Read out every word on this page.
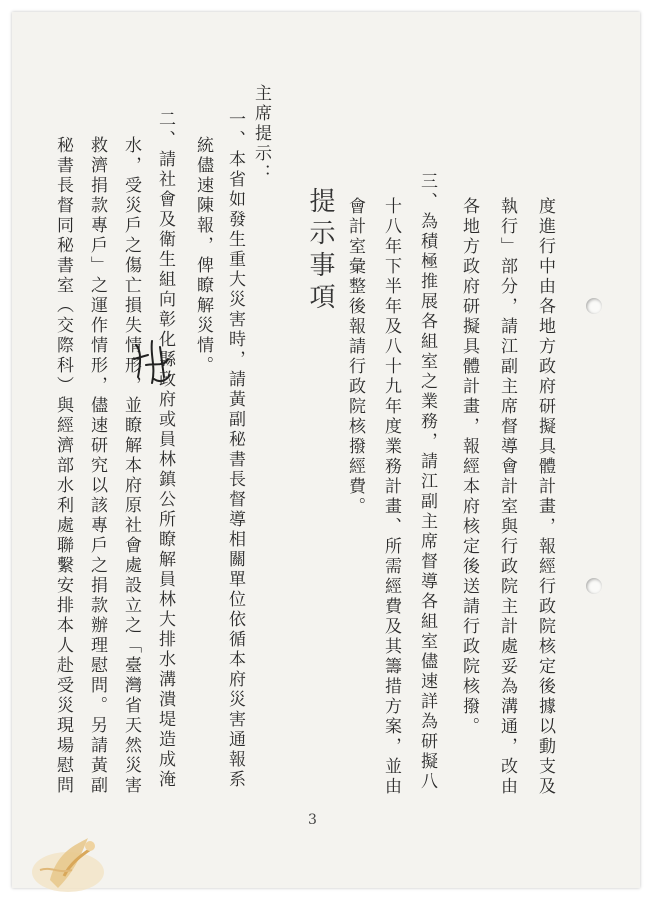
度進行中由各地方政府研擬具體計畫，報經行政院核定後據以動支及
執行」部分，請江副主席督導會計室與行政院主計處妥為溝通，改由
各地方政府研擬具體計畫，報經本府核定後送請行政院核撥。
三、為積極推展各組室之業務，請江副主席督導各組室儘速詳為研擬八
十八年下半年及八十九年度業務計畫、所需經費及其籌措方案，並由
會計室彙整後報請行政院核撥經費。
提示事項
主席提示：
一、本省如發生重大災害時，請黃副秘書長督導相關單位依循本府災害通報系
統儘速陳報，俾瞭解災情。
二、請社會及衛生組向彰化縣政府或員林鎮公所瞭解員林大排水溝潰堤造成淹
水，受災戶之傷亡損失情形，並瞭解本府原社會處設立之「臺灣省天然災害
救濟捐款專戶」之運作情形，儘速研究以該專戶之捐款辦理慰問。另請黃副
秘書長督同秘書室（交際科）與經濟部水利處聯繫安排本人赴受災現場慰問
3
